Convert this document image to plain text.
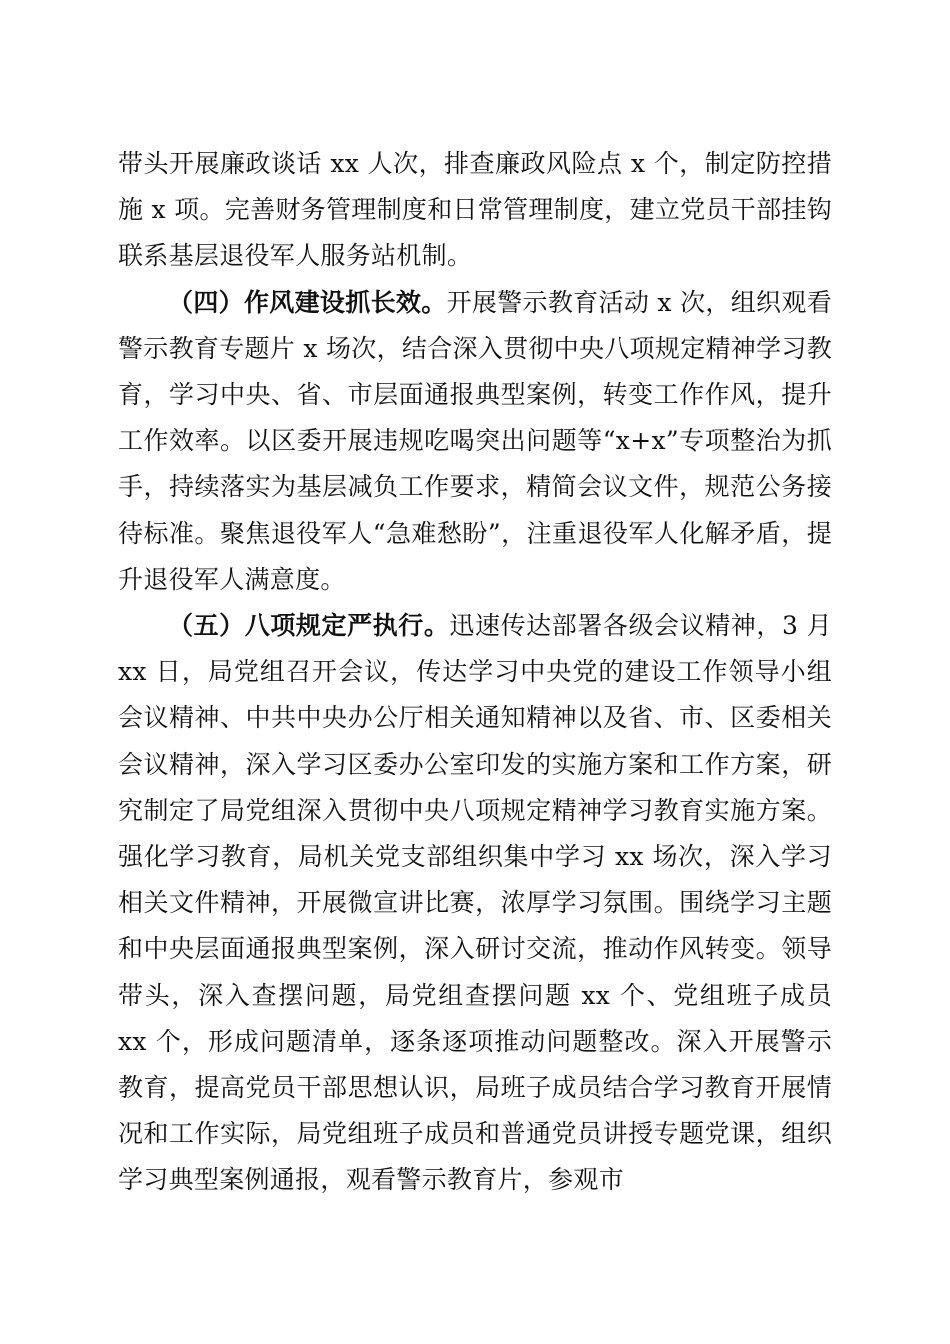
带头开展廉政谈话 xx 人次，排查廉政风险点 x 个，制定防控措施 x 项。完善财务管理制度和日常管理制度，建立党员干部挂钩联系基层退役军人服务站机制。

（四）作风建设抓长效。开展警示教育活动 x 次，组织观看警示教育专题片 x 场次，结合深入贯彻中央八项规定精神学习教育，学习中央、省、市层面通报典型案例，转变工作作风，提升工作效率。以区委开展违规吃喝突出问题等“x+x”专项整治为抓手，持续落实为基层减负工作要求，精简会议文件，规范公务接待标准。聚焦退役军人“急难愁盼”，注重退役军人化解矛盾，提升退役军人满意度。

（五）八项规定严执行。迅速传达部署各级会议精神，3 月 xx 日，局党组召开会议，传达学习中央党的建设工作领导小组会议精神、中共中央办公厅相关通知精神以及省、市、区委相关会议精神，深入学习区委办公室印发的实施方案和工作方案，研究制定了局党组深入贯彻中央八项规定精神学习教育实施方案。强化学习教育，局机关党支部组织集中学习 xx 场次，深入学习相关文件精神，开展微宣讲比赛，浓厚学习氛围。围绕学习主题和中央层面通报典型案例，深入研讨交流，推动作风转变。领导带头，深入查摆问题，局党组查摆问题 xx 个、党组班子成员 xx 个，形成问题清单，逐条逐项推动问题整改。深入开展警示教育，提高党员干部思想认识，局班子成员结合学习教育开展情况和工作实际，局党组班子成员和普通党员讲授专题党课，组织学习典型案例通报，观看警示教育片，参观市
